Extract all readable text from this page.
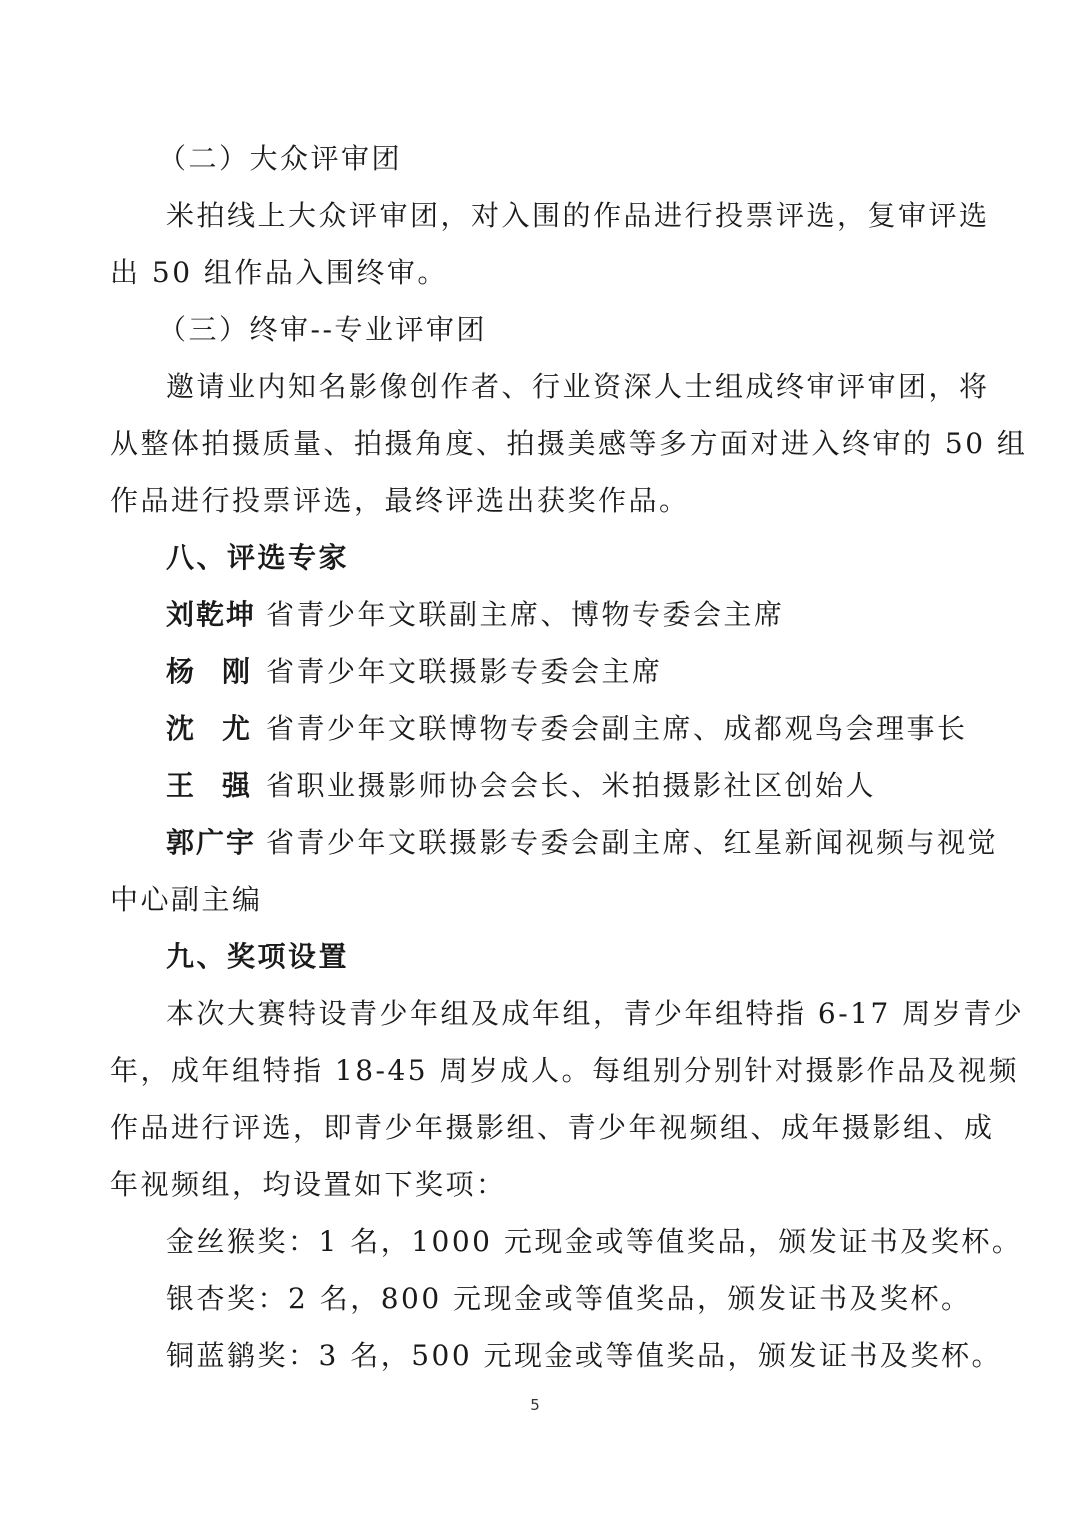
（二）大众评审团
米拍线上大众评审团，对入围的作品进行投票评选，复审评选
出 50 组作品入围终审。
（三）终审--专业评审团
邀请业内知名影像创作者、行业资深人士组成终审评审团，将
从整体拍摄质量、拍摄角度、拍摄美感等多方面对进入终审的 50 组
作品进行投票评选，最终评选出获奖作品。
八、评选专家
刘乾坤 省青少年文联副主席、博物专委会主席
杨 刚 省青少年文联摄影专委会主席
沈 尤 省青少年文联博物专委会副主席、成都观鸟会理事长
王 强 省职业摄影师协会会长、米拍摄影社区创始人
郭广宇 省青少年文联摄影专委会副主席、红星新闻视频与视觉
中心副主编
九、奖项设置
本次大赛特设青少年组及成年组，青少年组特指 6-17 周岁青少
年，成年组特指 18-45 周岁成人。每组别分别针对摄影作品及视频
作品进行评选，即青少年摄影组、青少年视频组、成年摄影组、成
年视频组，均设置如下奖项：
金丝猴奖：1 名，1000 元现金或等值奖品，颁发证书及奖杯。
银杏奖：2 名，800 元现金或等值奖品，颁发证书及奖杯。
铜蓝鹟奖：3 名，500 元现金或等值奖品，颁发证书及奖杯。
5
